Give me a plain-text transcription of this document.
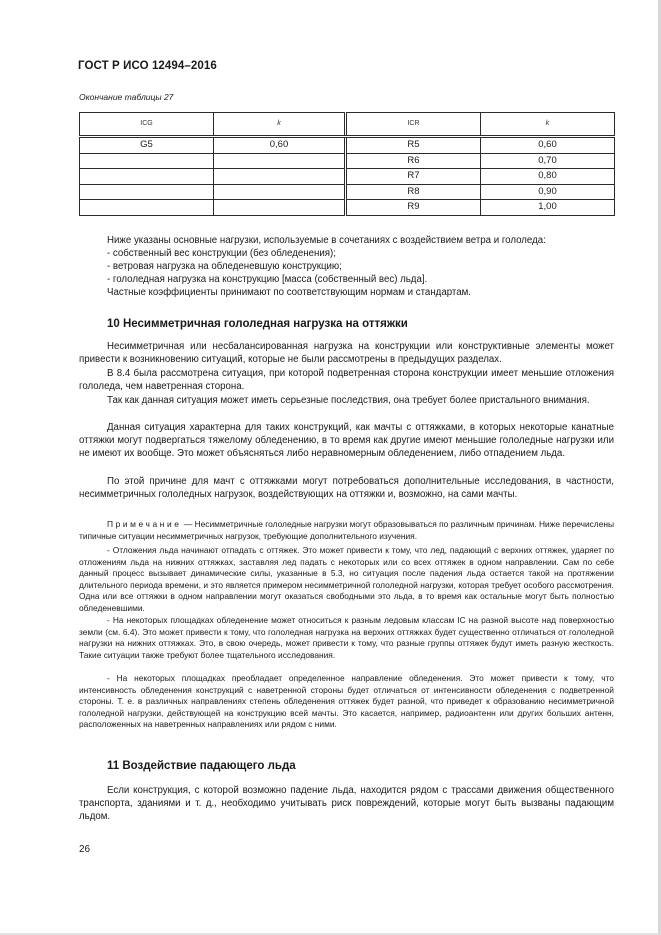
ГОСТ Р ИСО 12494–2016
Окончание таблицы 27
ICG	k
G5	0,60

ICR	k
R5	0,60
R6	0,70
R7	0,80
R8	0,90
R9	1,00

Ниже указаны основные нагрузки, используемые в сочетаниях с воздействием ветра и гололеда:

- собственный вес конструкции (без обледенения);

- ветровая нагрузка на обледеневшую конструкцию;

- гололедная нагрузка на конструкцию [масса (собственный вес) льда].

Частные коэффициенты принимают по соответствующим нормам и стандартам.

10 Несимметричная гололедная нагрузка на оттяжки

Несимметричная или несбалансированная нагрузка на конструкции или конструктивные элементы может привести к возникновению ситуаций, которые не были рассмотрены в предыдущих разделах.

В 8.4 была рассмотрена ситуация, при которой подветренная сторона конструкции имеет меньшие отложения гололеда, чем наветренная сторона.

Так как данная ситуация может иметь серьезные последствия, она требует более пристального внимания.

Данная ситуация характерна для таких конструкций, как мачты с оттяжками, в которых некоторые канатные оттяжки могут подвергаться тяжелому обледенению, в то время как другие имеют меньшие гололедные нагрузки или не имеют их вообще. Это может объясняться либо неравномерным обледенением, либо отпадением льда.

По этой причине для мачт с оттяжками могут потребоваться дополнительные исследования, в частности, несимметричных гололедных нагрузок, воздействующих на оттяжки и, возможно, на сами мачты.

Примечание — Несимметричные гололедные нагрузки могут образовываться по различным причинам. Ниже перечислены типичные ситуации несимметричных нагрузок, требующие дополнительного изучения.

- Отложения льда начинают отпадать с оттяжек. Это может привести к тому, что лед, падающий с верхних оттяжек, ударяет по отложениям льда на нижних оттяжках, заставляя лед падать с некоторых или со всех оттяжек в одном направлении. Сам по себе данный процесс вызывает динамические силы, указанные в 5.3, но ситуация после падения льда остается такой на протяжении длительного периода времени, и это является примером несимметричной гололедной нагрузки, которая требует особого рассмотрения. Одна или все оттяжки в одном направлении могут оказаться свободными это льда, в то время как остальные могут быть полностью обледеневшими.

- На некоторых площадках обледенение может относиться к разным ледовым классам IC на разной высоте над поверхностью земли (см. 6.4). Это может привести к тому, что гололедная нагрузка на верхних оттяжках будет существенно отличаться от гололедной нагрузки на нижних оттяжках. Это, в свою очередь, может привести к тому, что разные группы оттяжек будут иметь разную жесткость. Такие ситуации также требуют более тщательного исследования.

- На некоторых площадках преобладает определенное направление обледенения. Это может привести к тому, что интенсивность обледенения конструкций с наветренной стороны будет отличаться от интенсивности обледенения с подветренной стороны. Т. е. в различных направлениях степень обледенения оттяжек будет разной, что приведет к образованию несимметричной гололедной нагрузки, действующей на конструкцию всей мачты. Это касается, например, радиоантенн или других больших антенн, расположенных на наветренных направлениях или рядом с ними.

11 Воздействие падающего льда

Если конструкция, с которой возможно падение льда, находится рядом с трассами движения общественного транспорта, зданиями и т. д., необходимо учитывать риск повреждений, которые могут быть вызваны падающим льдом.

26
